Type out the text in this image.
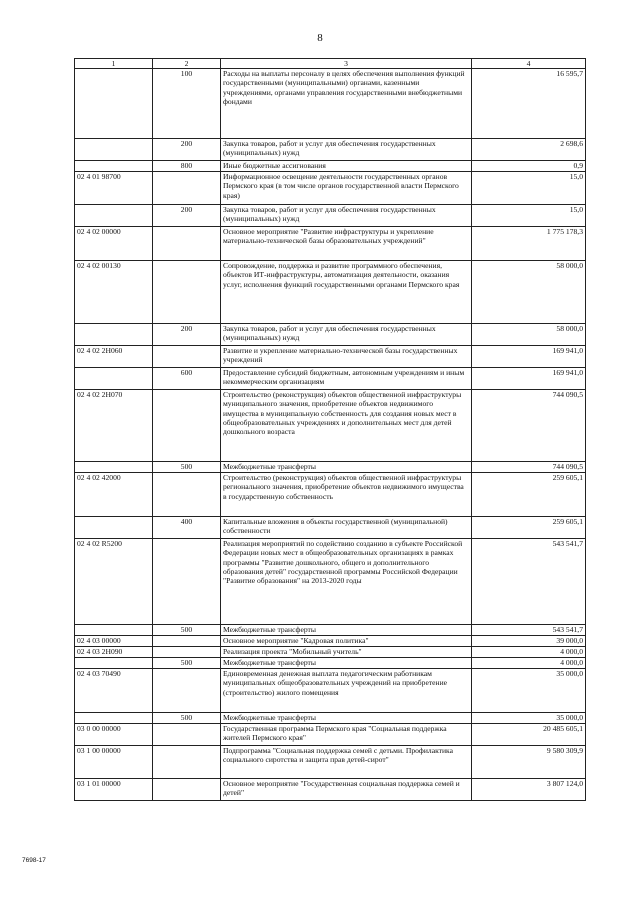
8
1	2	3	4
	100	Расходы на выплаты персоналу в целях обеспечения выполнения функций государственными (муниципальными) органами, казенными учреждениями, органами управления государственными внебюджетными фондами	16 595,7
	200	Закупка товаров, работ и услуг для обеспечения государственных (муниципальных) нужд	2 698,6
	800	Иные бюджетные ассигнования	0,9
02 4 01 98700		Информационное освещение деятельности государственных органов Пермского края (в том числе органов государственной власти Пермского края)	15,0
	200	Закупка товаров, работ и услуг для обеспечения государственных (муниципальных) нужд	15,0
02 4 02 00000		Основное мероприятие "Развитие инфраструктуры и укрепление материально-технической базы образовательных учреждений"	1 775 178,3
02 4 02 00130		Сопровождение, поддержка и развитие программного обеспечения, объектов ИТ-инфраструктуры, автоматизация деятельности, оказания услуг, исполнения функций государственными органами Пермского края	58 000,0
	200	Закупка товаров, работ и услуг для обеспечения государственных (муниципальных) нужд	58 000,0
02 4 02 2Н060		Развитие и укрепление материально-технической базы государственных учреждений	169 941,0
	600	Предоставление субсидий бюджетным, автономным учреждениям и иным некоммерческим организациям	169 941,0
02 4 02 2Н070		Строительство (реконструкция) объектов общественной инфраструктуры муниципального значения, приобретение объектов недвижимого имущества в муниципальную собственность для создания новых мест в общеобразовательных учреждениях и дополнительных мест для детей дошкольного возраста	744 090,5
	500	Межбюджетные трансферты	744 090,5
02 4 02 42000		Строительство (реконструкция) объектов общественной инфраструктуры регионального значения, приобретение объектов недвижимого имущества в государственную собственность	259 605,1
	400	Капитальные вложения в объекты государственной (муниципальной) собственности	259 605,1
02 4 02 R5200		Реализация мероприятий по содействию созданию в субъекте Российской Федерации новых мест в общеобразовательных организациях в рамках программы "Развитие дошкольного, общего и дополнительного образования детей" государственной программы Российской Федерации "Развитие образования" на 2013-2020 годы	543 541,7
	500	Межбюджетные трансферты	543 541,7
02 4 03 00000		Основное мероприятие "Кадровая политика"	39 000,0
02 4 03 2Н090		Реализация проекта "Мобильный учитель"	4 000,0
	500	Межбюджетные трансферты	4 000,0
02 4 03 70490		Единовременная денежная выплата педагогическим работникам муниципальных общеобразовательных учреждений на приобретение (строительство) жилого помещения	35 000,0
	500	Межбюджетные трансферты	35 000,0
03 0 00 00000		Государственная программа Пермского края "Социальная поддержка жителей Пермского края"	20 485 605,1
03 1 00 00000		Подпрограмма "Социальная поддержка семей с детьми. Профилактика социального сиротства и защита прав детей-сирот"	9 580 309,9
03 1 01 00000		Основное мероприятие "Государственная социальная поддержка семей и детей"	3 807 124,0
7698-17
